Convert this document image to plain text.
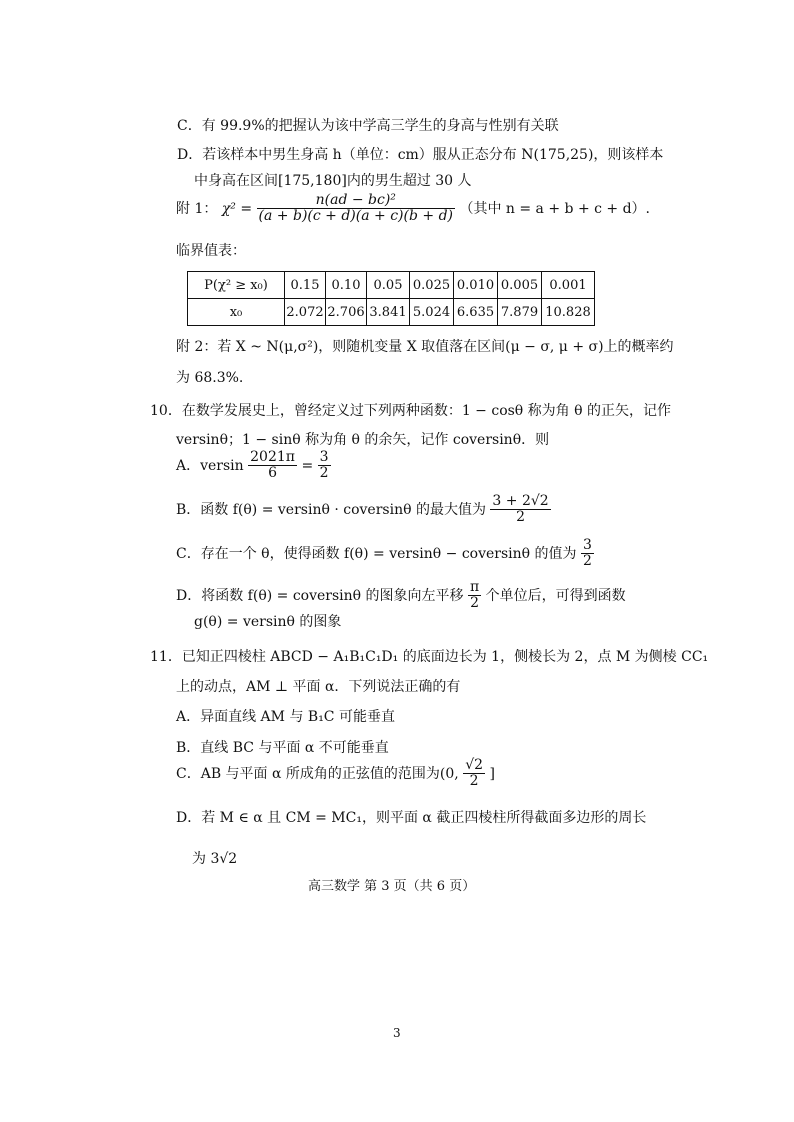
C．有 99.9%的把握认为该中学高三学生的身高与性别有关联
D．若该样本中男生身高 h（单位：cm）服从正态分布 N(175,25)，则该样本
中身高在区间[175,180]内的男生超过 30 人
附 1： $\chi^2 = \frac{\text{n(ad − bc)²}}{(a + b)(c + d)(a + c)(b + d)}$ （其中 n = a + b + c + d）.
临界值表：
P(χ² ≥ x₀)	0.15	0.10	0.05	0.025	0.010	0.005	0.001
x₀	2.072	2.706	3.841	5.024	6.635	7.879	10.828
附 2：若 X ~ N(μ,σ²)，则随机变量 X 取值落在区间(μ − σ, μ + σ)上的概率约
为 68.3%.
10．在数学发展史上，曾经定义过下列两种函数：1 − cosθ 称为角 θ 的正矢，记作
versinθ；1 − sinθ 称为角 θ 的余矢，记作 coversinθ．则
A．versin $\frac{2021\pi}{6} = \frac{3}{2}$
B．函数 f(θ) = versinθ · coversinθ 的最大值为 $\frac{3 + 2√2}{2}$
C．存在一个 θ，使得函数 f(θ) = versinθ − coversinθ 的值为 $\frac{3}{2}$
D．将函数 f(θ) = coversinθ 的图象向左平移 $\frac{\pi}{2}$ 个单位后，可得到函数
g(θ) = versinθ 的图象
11．已知正四棱柱 ABCD − A₁B₁C₁D₁ 的底面边长为 1，侧棱长为 2，点 M 为侧棱 CC₁
上的动点，AM ⊥ 平面 α．下列说法正确的有
A．异面直线 AM 与 B₁C 可能垂直
B．直线 BC 与平面 α 不可能垂直
C．AB 与平面 α 所成角的正弦值的范围为(0, $\frac{√2}{2}$ ]
D．若 M ∈ α 且 CM = MC₁，则平面 α 截正四棱柱所得截面多边形的周长
为 3√2
高三数学 第 3 页（共 6 页）
3
